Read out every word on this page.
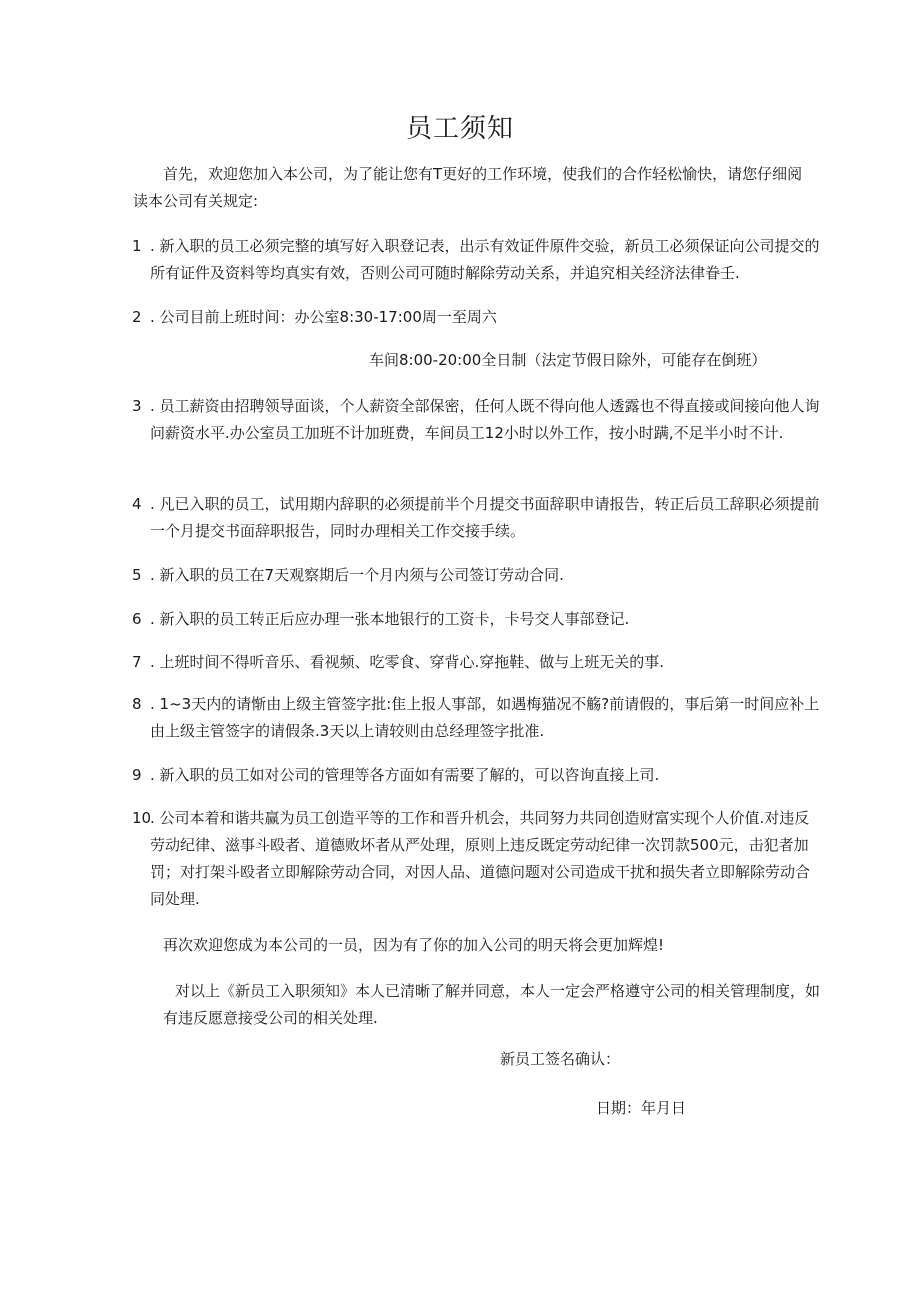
员工须知

首先，欢迎您加入本公司，为了能让您有T更好的工作环境，使我们的合作轻松愉快，请您仔细阅读本公司有关规定:

1 . 新入职的员工必须完整的填写好入职登记表，出示有效证件原件交验，新员工必须保证向公司提交的所有证件及资料等均真实有效，否则公司可随时解除劳动关系，并追究相关经济法律眷壬.
2 . 公司目前上班时间：办公室8:30-17:00周一至周六
车间8:00-20:00全日制（法定节假日除外，可能存在倒班）
3 . 员工薪资由招聘领导面谈，个人薪资全部保密，任何人既不得向他人透露也不得直接或间接向他人询问薪资水平.办公室员工加班不计加班费，车间员工12小时以外工作，按小时蹒,不足半小时不计.
4 . 凡已入职的员工，试用期内辞职的必须提前半个月提交书面辞职申请报告，转正后员工辞职必须提前一个月提交书面辞职报告，同时办理相关工作交接手续。
5 . 新入职的员工在7天观察期后一个月内须与公司签订劳动合同.
6 . 新入职的员工转正后应办理一张本地银行的工资卡，卡号交人事部登记.
7 . 上班时间不得听音乐、看视频、吃零食、穿背心.穿拖鞋、做与上班无关的事.
8 . 1~3天内的请惭由上级主管签字批:隹上报人事部，如遇梅猫况不觞?前请假的，事后第一时间应补上由上级主管签字的请假条.3天以上请较则由总经理签字批准.
9 . 新入职的员工如对公司的管理等各方面如有需要了解的，可以咨询直接上司.
10
. 公司本着和谐共赢为员工创造平等的工作和晋升机会，共同努力共同创造财富实现个人价值.对违反劳动纪律、滋事斗殴者、道德败坏者从严处理，原则上违反既定劳动纪律一次罚款500元，击犯者加罚；对打架斗殴者立即解除劳动合同，对因人品、道德问题对公司造成干扰和损失者立即解除劳动合同处理.

再次欢迎您成为本公司的一员，因为有了你的加入公司的明天将会更加辉煌!

对以上《新员工入职须知》本人已清晰了解并同意，本人一定会严格遵守公司的相关管理制度，如有违反愿意接受公司的相关处理.

新员工签名确认：
日期：年月日
